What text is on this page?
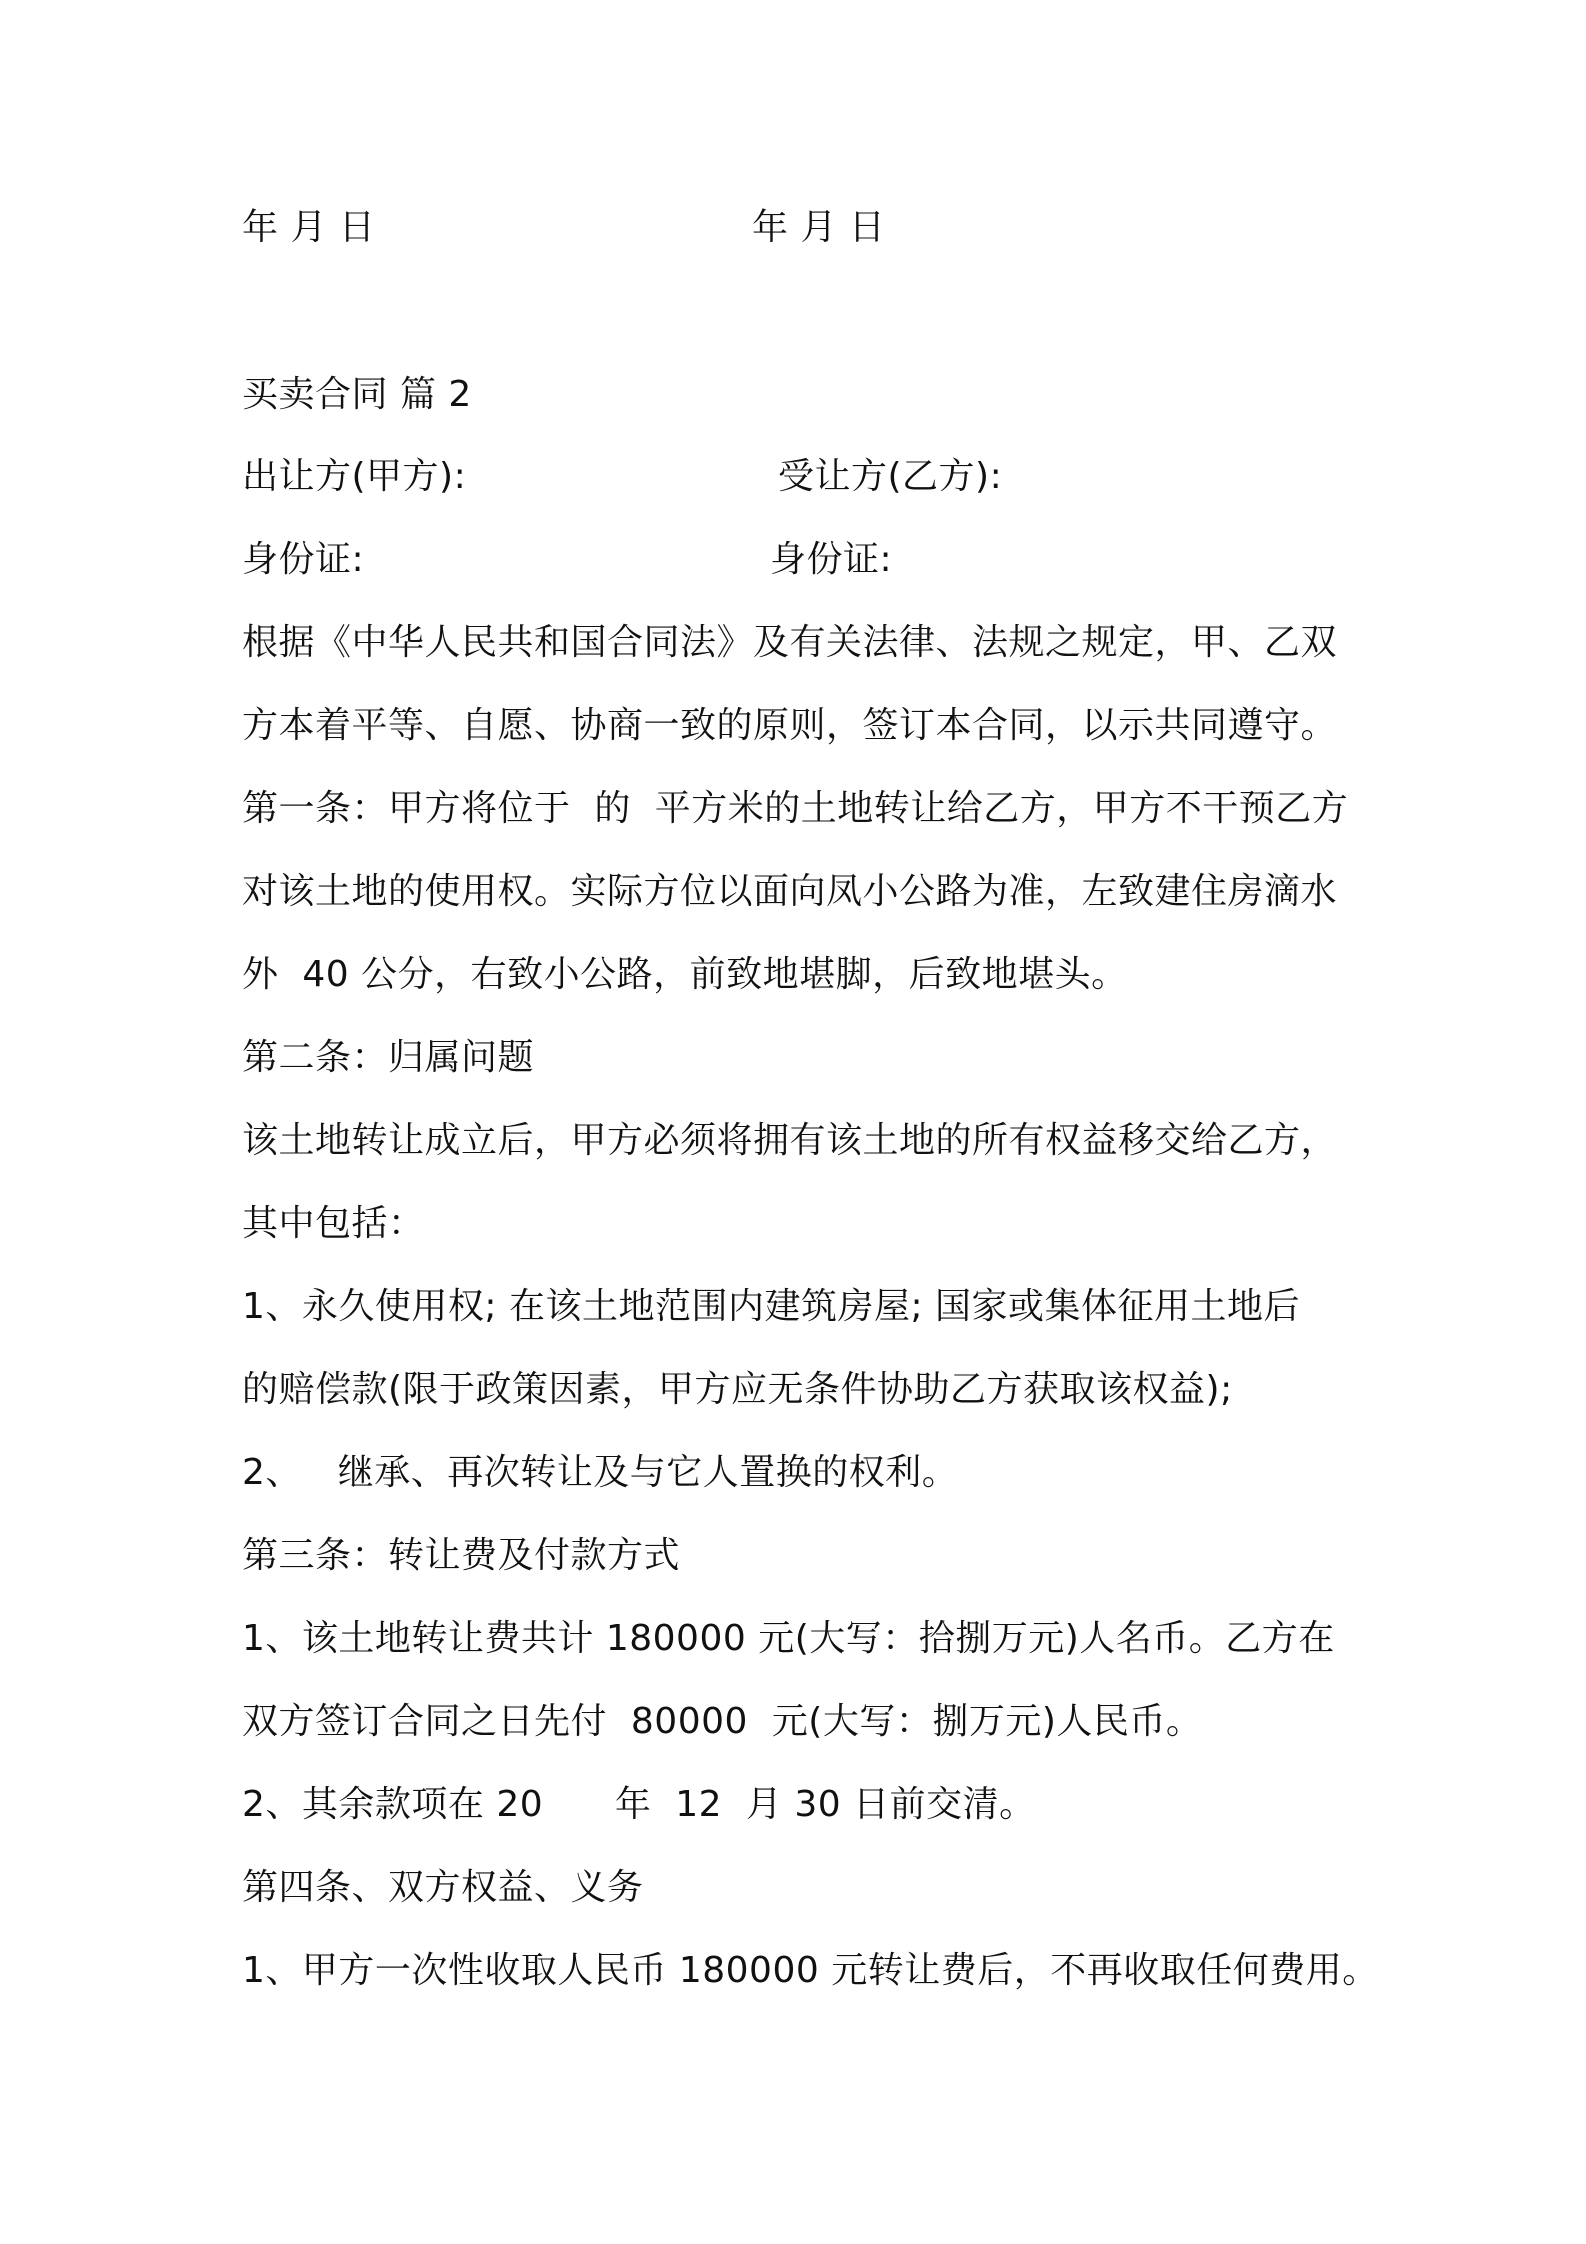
年 月 日	年 月 日
买卖合同 篇 2
出让方(甲方):	受让方(乙方):
身份证:	身份证:
根据《中华人民共和国合同法》及有关法律、法规之规定，甲、乙双
方本着平等、自愿、协商一致的原则，签订本合同，以示共同遵守。
第一条：甲方将位于  的  平方米的土地转让给乙方，甲方不干预乙方
对该土地的使用权。实际方位以面向凤小公路为准，左致建住房滴水
外  40 公分，右致小公路，前致地堪脚，后致地堪头。
第二条：归属问题
该土地转让成立后，甲方必须将拥有该土地的所有权益移交给乙方，
其中包括：
1、永久使用权; 在该土地范围内建筑房屋; 国家或集体征用土地后
的赔偿款(限于政策因素，甲方应无条件协助乙方获取该权益);
2、   继承、再次转让及与它人置换的权利。
第三条：转让费及付款方式
1、该土地转让费共计 180000 元(大写：拾捌万元)人名币。乙方在
双方签订合同之日先付  80000  元(大写：捌万元)人民币。
2、其余款项在 20      年  12  月 30 日前交清。
第四条、双方权益、义务
1、甲方一次性收取人民币 180000 元转让费后，不再收取任何费用。
